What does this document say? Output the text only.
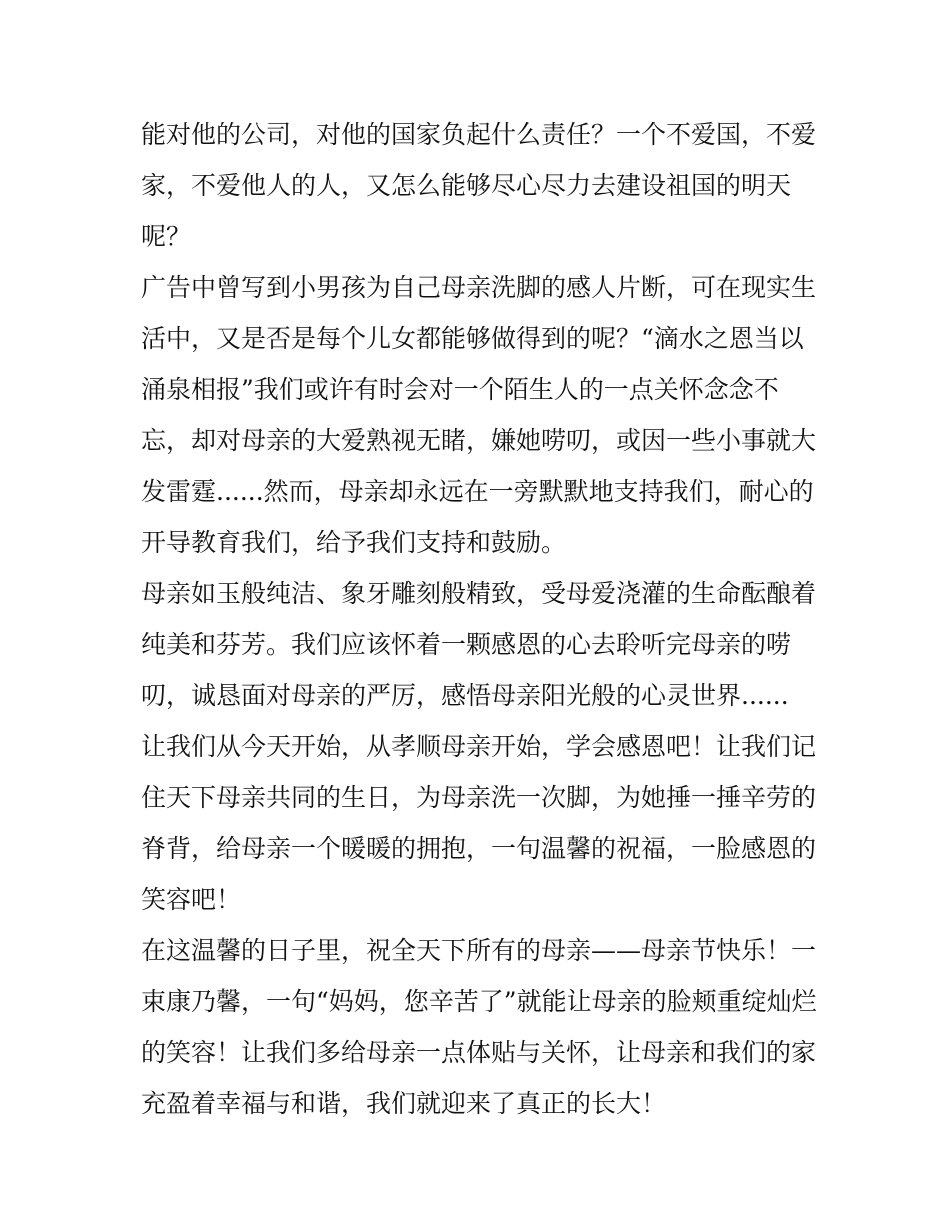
能对他的公司，对他的国家负起什么责任？一个不爱国，不爱
家，不爱他人的人，又怎么能够尽心尽力去建设祖国的明天
呢？
广告中曾写到小男孩为自己母亲洗脚的感人片断，可在现实生
活中，又是否是每个儿女都能够做得到的呢？“滴水之恩当以
涌泉相报”我们或许有时会对一个陌生人的一点关怀念念不
忘，却对母亲的大爱熟视无睹，嫌她唠叨，或因一些小事就大
发雷霆......然而，母亲却永远在一旁默默地支持我们，耐心的
开导教育我们，给予我们支持和鼓励。
母亲如玉般纯洁、象牙雕刻般精致，受母爱浇灌的生命酝酿着
纯美和芬芳。我们应该怀着一颗感恩的心去聆听完母亲的唠
叨，诚恳面对母亲的严厉，感悟母亲阳光般的心灵世界......
让我们从今天开始，从孝顺母亲开始，学会感恩吧！让我们记
住天下母亲共同的生日，为母亲洗一次脚，为她捶一捶辛劳的
脊背，给母亲一个暖暖的拥抱，一句温馨的祝福，一脸感恩的
笑容吧！
在这温馨的日子里，祝全天下所有的母亲——母亲节快乐！一
束康乃馨，一句“妈妈，您辛苦了”就能让母亲的脸颊重绽灿烂
的笑容！让我们多给母亲一点体贴与关怀，让母亲和我们的家
充盈着幸福与和谐，我们就迎来了真正的长大！
